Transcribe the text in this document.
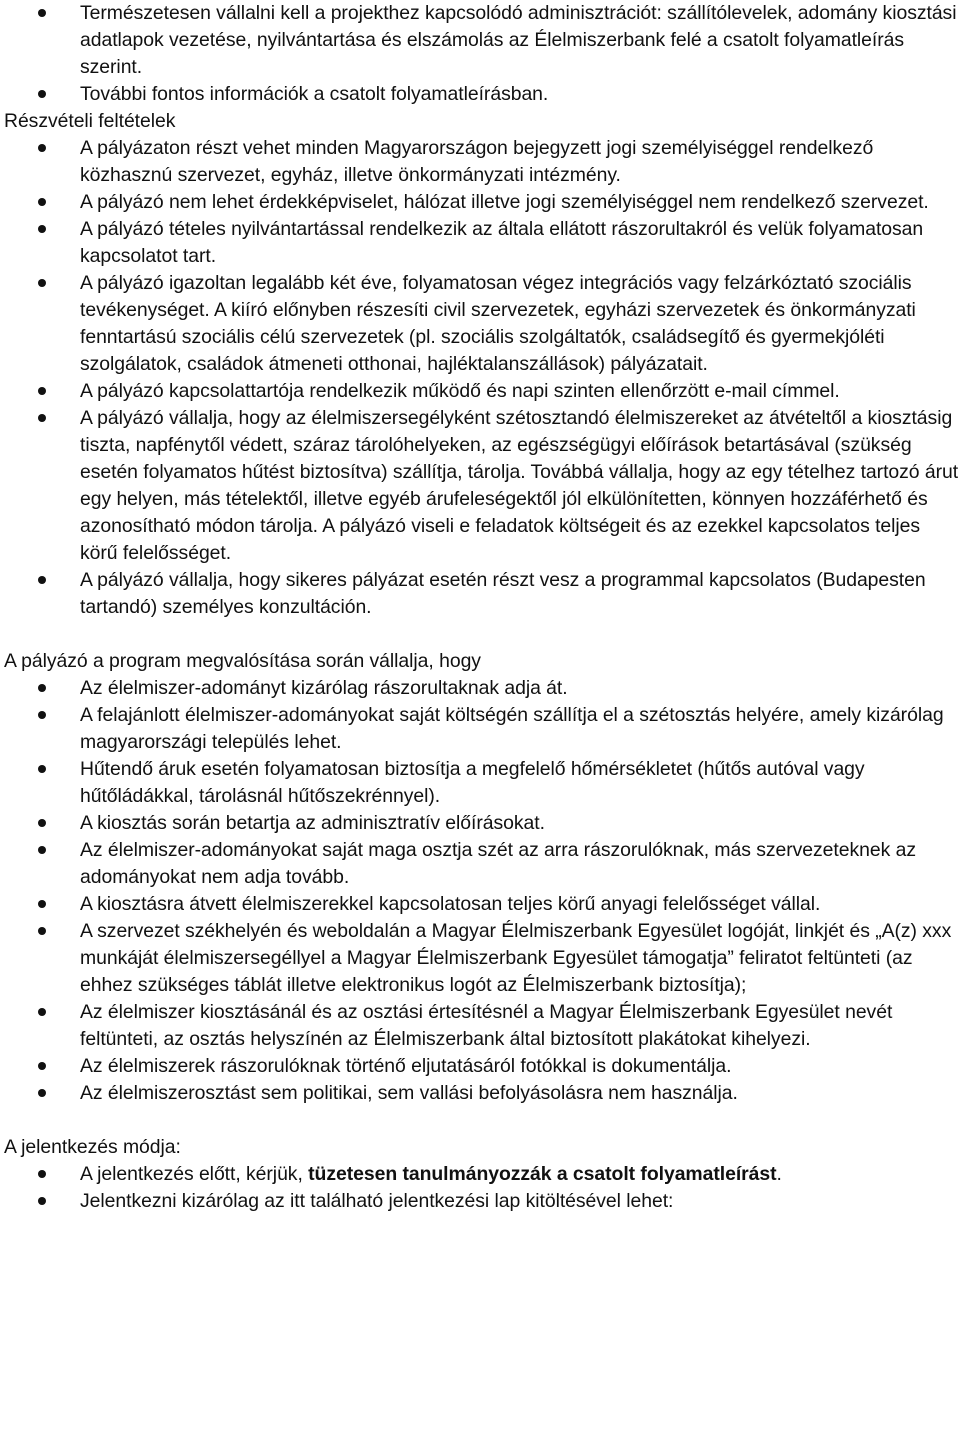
Természetesen vállalni kell a projekthez kapcsolódó adminisztrációt: szállítólevelek, adomány kiosztási adatlapok vezetése, nyilvántartása és elszámolás az Élelmiszerbank felé a csatolt folyamatleírás szerint.
További fontos információk a csatolt folyamatleírásban.

Részvételi feltételek

A pályázaton részt vehet minden Magyarországon bejegyzett jogi személyiséggel rendelkező közhasznú szervezet, egyház, illetve önkormányzati intézmény.
A pályázó nem lehet érdekképviselet, hálózat illetve jogi személyiséggel nem rendelkező szervezet.
A pályázó tételes nyilvántartással rendelkezik az általa ellátott rászorultakról és velük folyamatosan kapcsolatot tart.
A pályázó igazoltan legalább két éve, folyamatosan végez integrációs vagy felzárkóztató szociális tevékenységet. A kiíró előnyben részesíti civil szervezetek, egyházi szervezetek és önkormányzati fenntartású szociális célú szervezetek (pl. szociális szolgáltatók, családsegítő és gyermekjóléti szolgálatok, családok átmeneti otthonai, hajléktalanszállások) pályázatait.
A pályázó kapcsolattartója rendelkezik működő és napi szinten ellenőrzött e-mail címmel.
A pályázó vállalja, hogy az élelmiszersegélyként szétosztandó élelmiszereket az átvételtől a kiosztásig tiszta, napfénytől védett, száraz tárolóhelyeken, az egészségügyi előírások betartásával (szükség esetén folyamatos hűtést biztosítva) szállítja, tárolja. Továbbá vállalja, hogy az egy tételhez tartozó árut egy helyen, más tételektől, illetve egyéb árufeleségektől jól elkülönítetten, könnyen hozzáférhető és azonosítható módon tárolja. A pályázó viseli e feladatok költségeit és az ezekkel kapcsolatos teljes körű felelősséget.
A pályázó vállalja, hogy sikeres pályázat esetén részt vesz a programmal kapcsolatos (Budapesten tartandó) személyes konzultáción.

A pályázó a program megvalósítása során vállalja, hogy

Az élelmiszer-adományt kizárólag rászorultaknak adja át.
A felajánlott élelmiszer-adományokat saját költségén szállítja el a szétosztás helyére, amely kizárólag magyarországi település lehet.
Hűtendő áruk esetén folyamatosan biztosítja a megfelelő hőmérsékletet (hűtős autóval vagy hűtőládákkal, tárolásnál hűtőszekrénnyel).
A kiosztás során betartja az adminisztratív előírásokat.
Az élelmiszer-adományokat saját maga osztja szét az arra rászorulóknak, más szervezeteknek az adományokat nem adja tovább.
A kiosztásra átvett élelmiszerekkel kapcsolatosan teljes körű anyagi felelősséget vállal.
A szervezet székhelyén és weboldalán a Magyar Élelmiszerbank Egyesület logóját, linkjét és „A(z) xxx munkáját élelmiszersegéllyel a Magyar Élelmiszerbank Egyesület támogatja” feliratot feltünteti (az ehhez szükséges táblát illetve elektronikus logót az Élelmiszerbank biztosítja);
Az élelmiszer kiosztásánál és az osztási értesítésnél a Magyar Élelmiszerbank Egyesület nevét feltünteti, az osztás helyszínén az Élelmiszerbank által biztosított plakátokat kihelyezi.
Az élelmiszerek rászorulóknak történő eljutatásáról fotókkal is dokumentálja.
Az élelmiszerosztást sem politikai, sem vallási befolyásolásra nem használja.

A jelentkezés módja:

A jelentkezés előtt, kérjük, tüzetesen tanulmányozzák a csatolt folyamatleírást.
Jelentkezni kizárólag az itt található jelentkezési lap kitöltésével lehet:
